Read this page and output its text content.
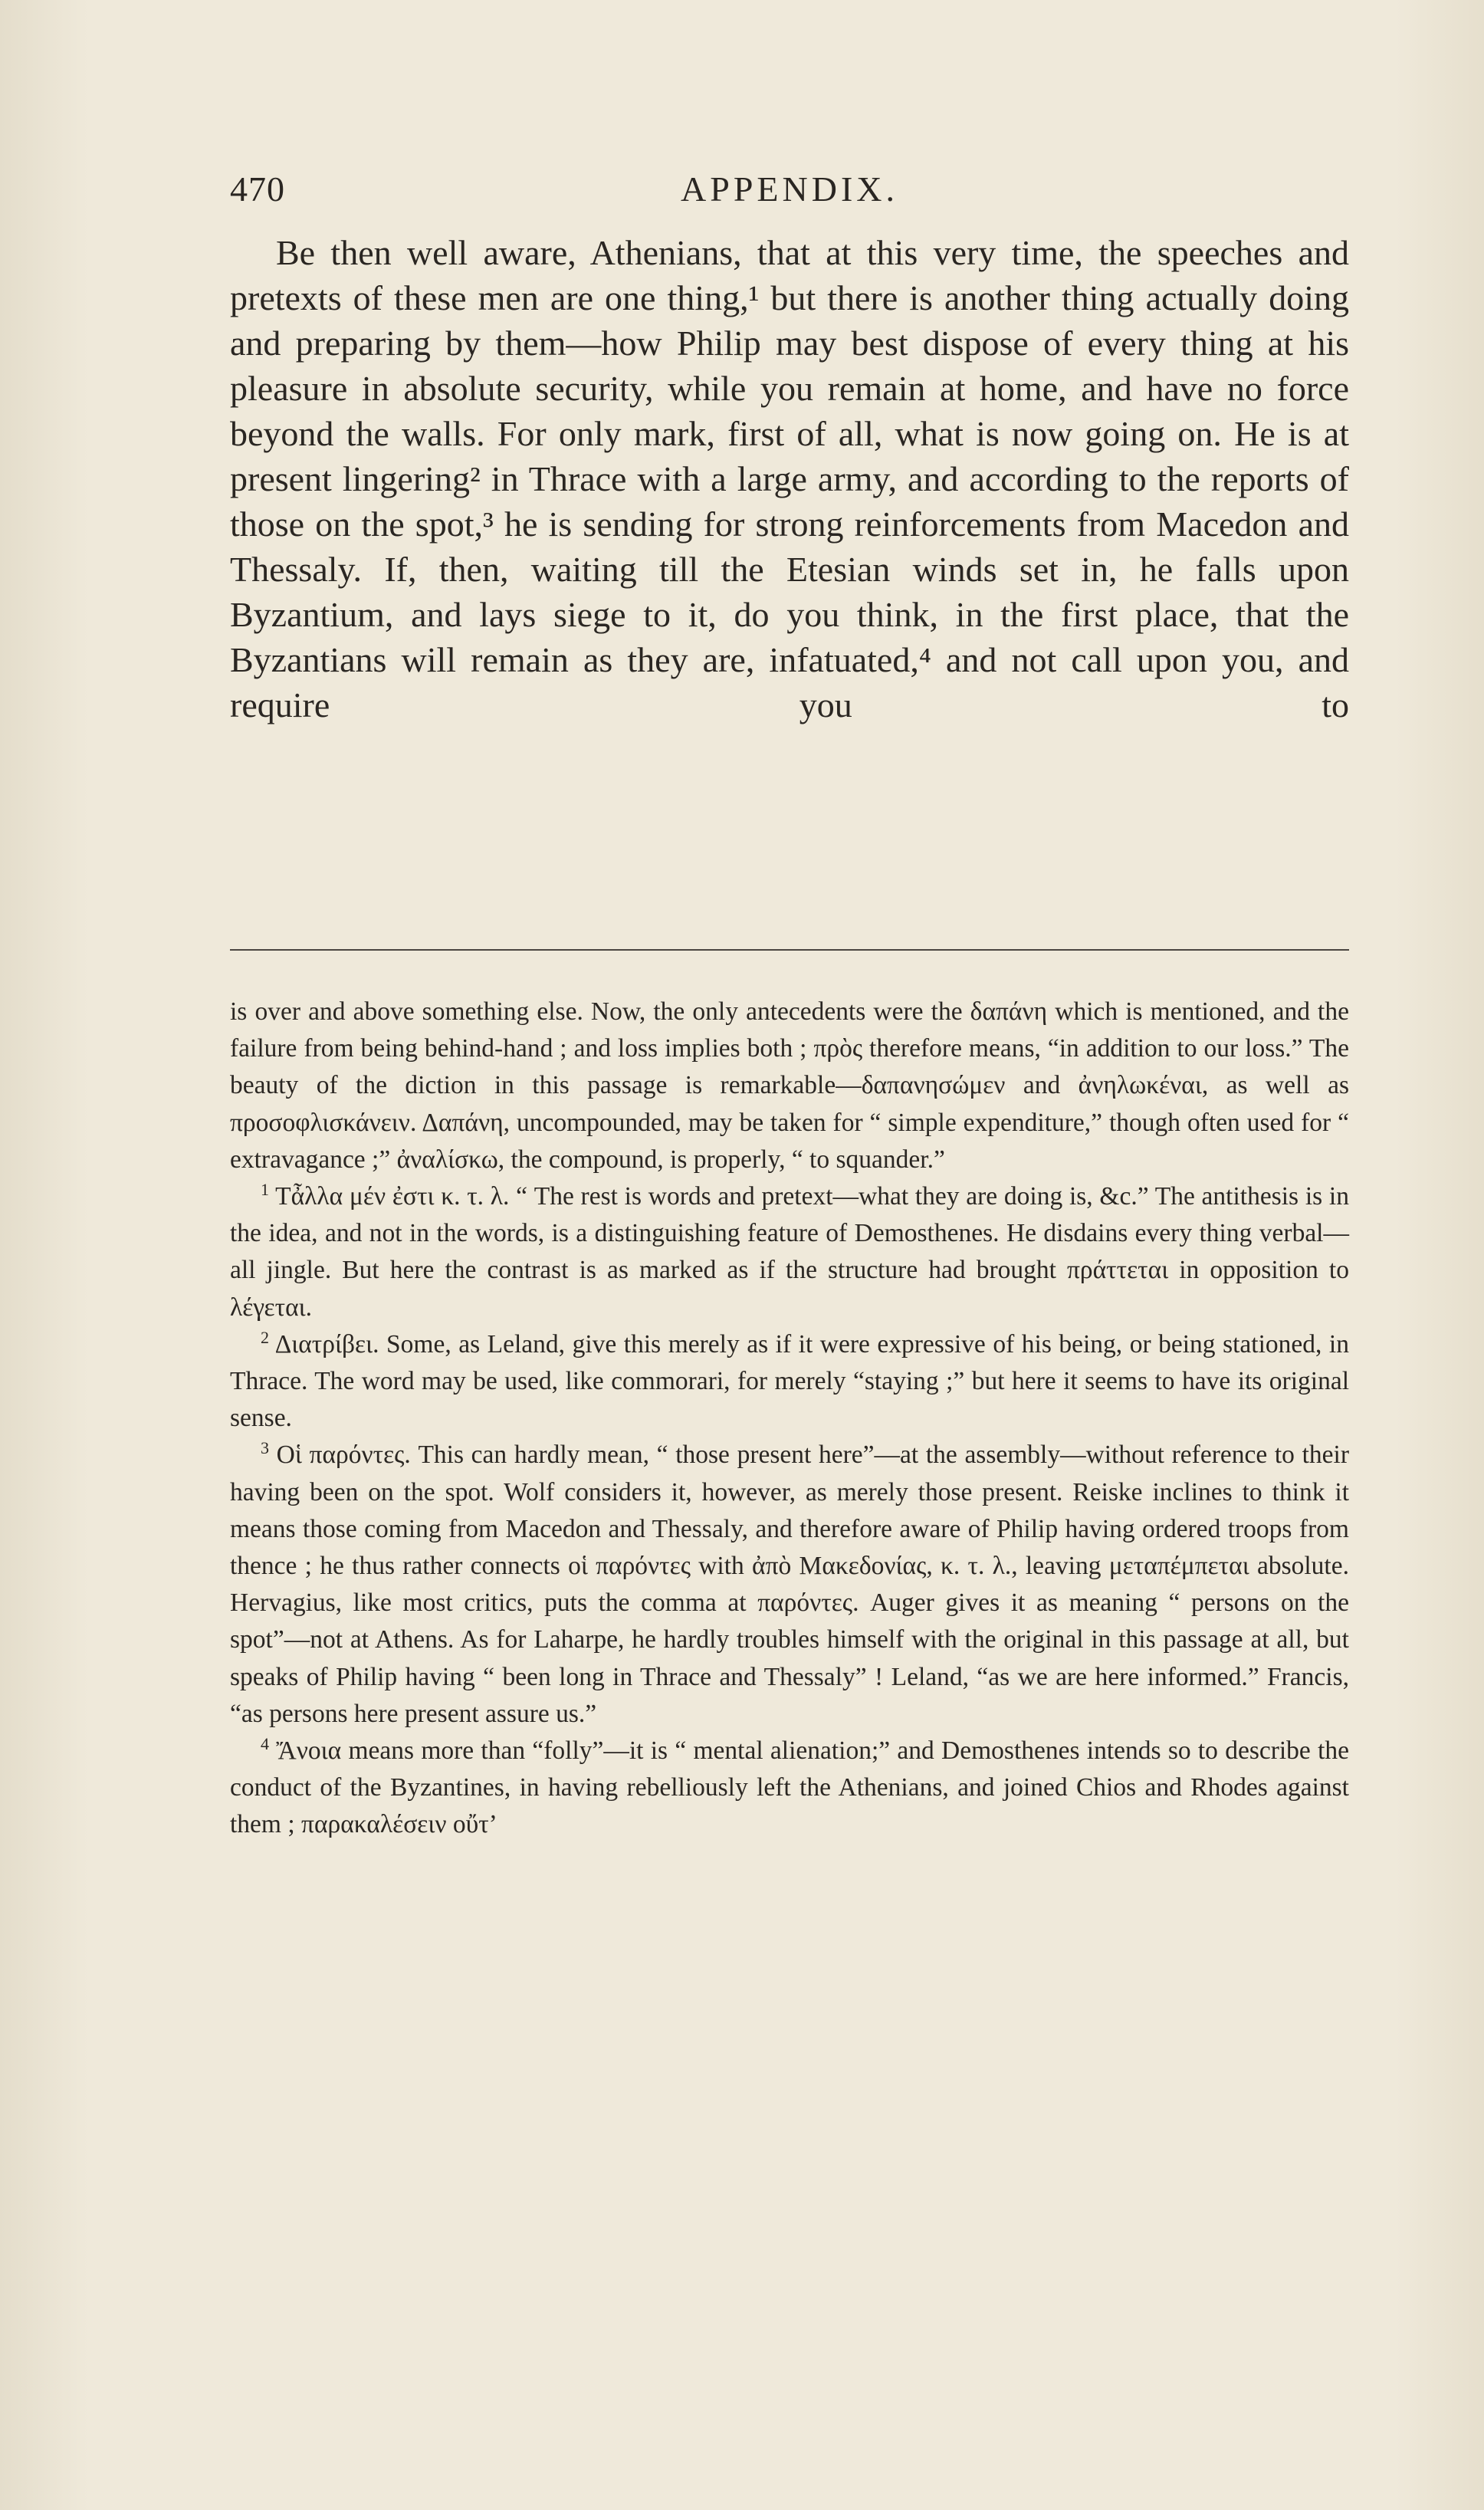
470	APPENDIX.

Be then well aware, Athenians, that at this very time, the speeches and pretexts of these men are one thing,¹ but there is another thing actually doing and preparing by them—how Philip may best dispose of every thing at his pleasure in absolute security, while you remain at home, and have no force beyond the walls. For only mark, first of all, what is now going on. He is at present lingering² in Thrace with a large army, and according to the reports of those on the spot,³ he is sending for strong reinforcements from Macedon and Thessaly. If, then, waiting till the Etesian winds set in, he falls upon Byzantium, and lays siege to it, do you think, in the first place, that the Byzantians will remain as they are, infatuated,⁴ and not call upon you, and require you to

is over and above something else. Now, the only antecedents were the δαπάνη which is mentioned, and the failure from being behind-hand ; and loss implies both ; πρὸς therefore means, “in addition to our loss.” The beauty of the diction in this passage is remarkable—δαπανησώμεν and ἀνηλωκέναι, as well as προσοφλισκάνειν. Δαπάνη, uncompounded, may be taken for “ simple expenditure,” though often used for “ extravagance ;” ἀναλίσκω, the compound, is properly, “ to squander.”

$^1$ Tἆλλα μέν ἐστι κ. τ. λ. “ The rest is words and pretext—what they are doing is, &c.” The antithesis is in the idea, and not in the words, is a distinguishing feature of Demosthenes. He disdains every thing verbal—all jingle. But here the contrast is as marked as if the structure had brought πράττεται in opposition to λέγεται.

$^2$ Διατρίβει. Some, as Leland, give this merely as if it were expressive of his being, or being stationed, in Thrace. The word may be used, like commorari, for merely “staying ;” but here it seems to have its original sense.

$^3$ Οἱ παρόντες. This can hardly mean, “ those present here”—at the assembly—without reference to their having been on the spot. Wolf considers it, however, as merely those present. Reiske inclines to think it means those coming from Macedon and Thessaly, and therefore aware of Philip having ordered troops from thence ; he thus rather connects οἱ παρόντες with ἀπὸ Μακεδονίας, κ. τ. λ., leaving μεταπέμπεται absolute. Hervagius, like most critics, puts the comma at παρόντες. Auger gives it as meaning “ persons on the spot”—not at Athens. As for Laharpe, he hardly troubles himself with the original in this passage at all, but speaks of Philip having “ been long in Thrace and Thessaly” ! Leland, “as we are here informed.” Francis, “as persons here present assure us.”

$^4$ Ἄνοια means more than “folly”—it is “ mental alienation;” and Demosthenes intends so to describe the conduct of the Byzantines, in having rebelliously left the Athenians, and joined Chios and Rhodes against them ; παρακαλέσειν οὔτ’
